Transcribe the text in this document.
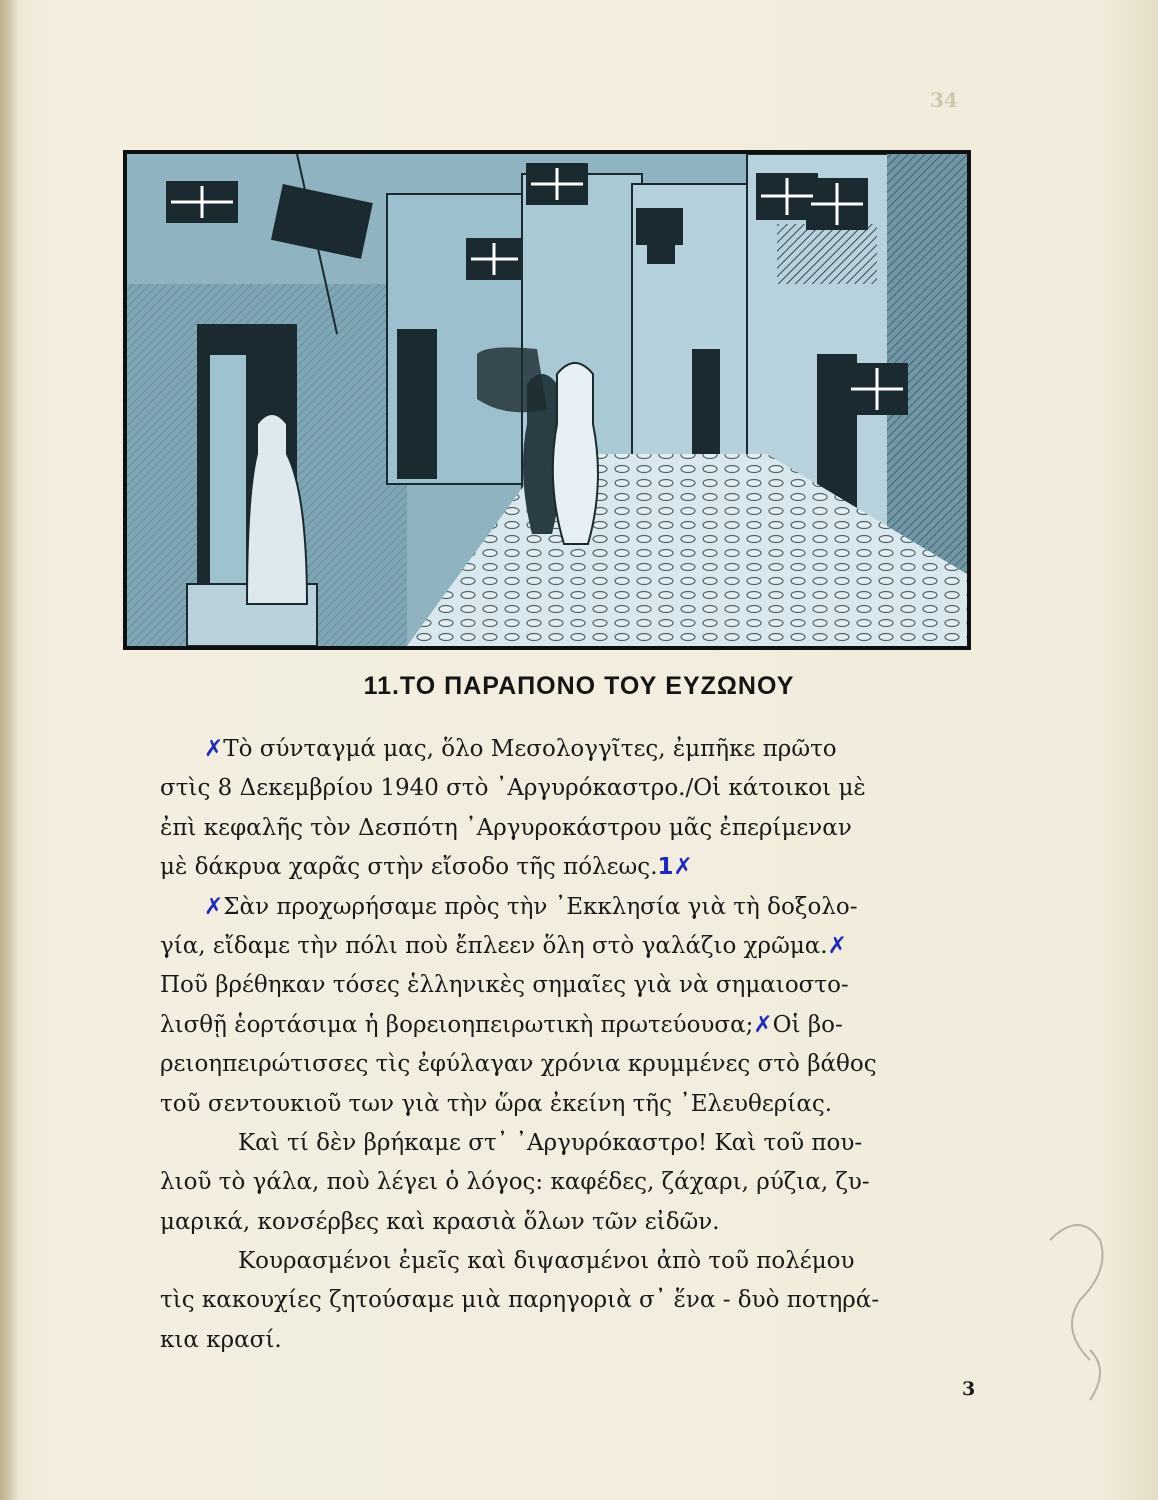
34
11.ΤΟ ΠΑΡΑΠΟΝΟ ΤΟΥ ΕΥΖΩΝΟΥ
✗Τὸ σύνταγμά μας, ὅλο Μεσολογγῖτες, ἐμπῆκε πρῶτο
στὶς 8 Δεκεμβρίου 1940 στὸ ᾿Αργυρόκαστρο./Οἱ κάτοικοι μὲ
ἐπὶ κεφαλῆς τὸν Δεσπότη ᾿Αργυροκάστρου μᾶς ἐπερίμεναν
μὲ δάκρυα χαρᾶς στὴν εἴσοδο τῆς πόλεως.1✗
✗Σὰν προχωρήσαμε πρὸς τὴν ᾿Εκκλησία γιὰ τὴ δοξολο-
γία, εἴδαμε τὴν πόλι ποὺ ἔπλεεν ὅλη στὸ γαλάζιο χρῶμα.✗
Ποῦ βρέθηκαν τόσες ἑλληνικὲς σημαῖες γιὰ νὰ σημαιοστο-
λισθῇ ἑορτάσιμα ἡ βορειοηπειρωτικὴ πρωτεύουσα;✗Οἱ βο-
ρειοηπειρώτισσες τὶς ἐφύλαγαν χρόνια κρυμμένες στὸ βάθος
τοῦ σεντουκιοῦ των γιὰ τὴν ὥρα ἐκείνη τῆς ᾿Ελευθερίας.
Καὶ τί δὲν βρήκαμε στ᾿ ᾿Αργυρόκαστρο! Καὶ τοῦ που-
λιοῦ τὸ γάλα, ποὺ λέγει ὁ λόγος: καφέδες, ζάχαρι, ρύζια, ζυ-
μαρικά, κονσέρβες καὶ κρασιὰ ὅλων τῶν εἰδῶν.
Κουρασμένοι ἐμεῖς καὶ διψασμένοι ἀπὸ τοῦ πολέμου
τὶς κακουχίες ζητούσαμε μιὰ παρηγοριὰ σ᾿ ἕνα - δυὸ ποτηρά-
κια κρασί.
3
